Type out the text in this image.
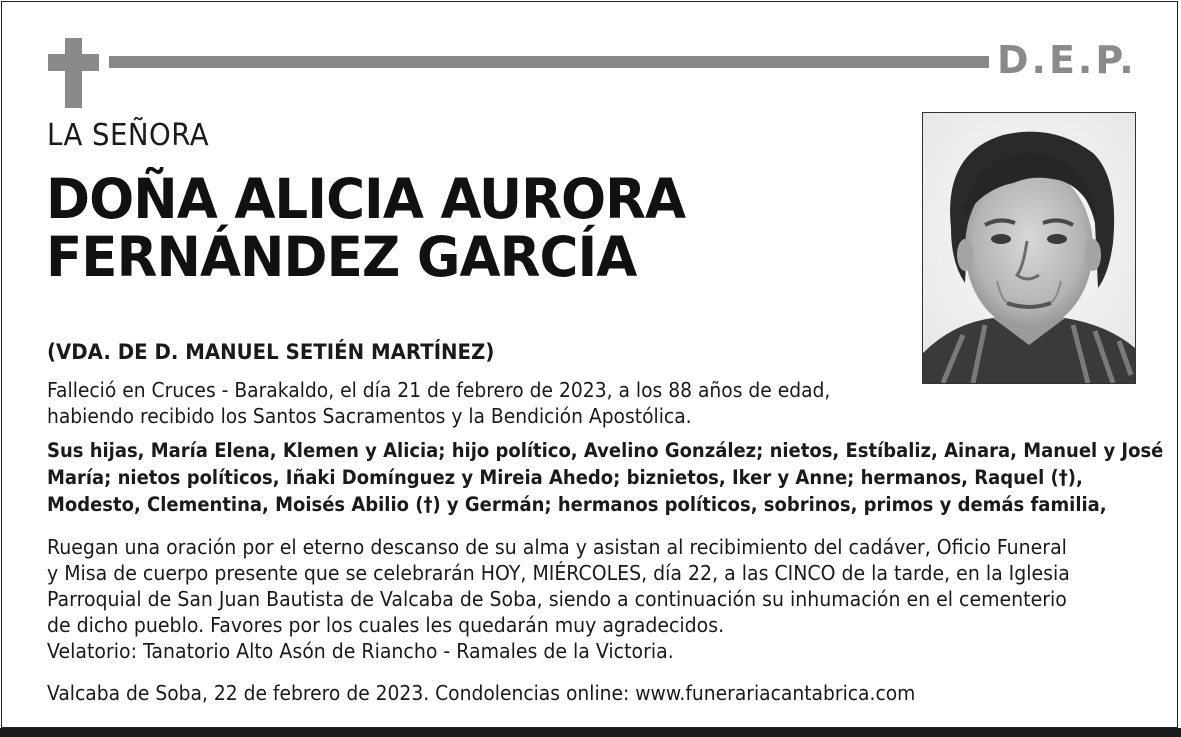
D.E.P.
LA SEÑORA
DOÑA ALICIA AURORA
FERNÁNDEZ GARCÍA
(VDA. DE D. MANUEL SETIÉN MARTÍNEZ)
Falleció en Cruces - Barakaldo, el día 21 de febrero de 2023, a los 88 años de edad,
habiendo recibido los Santos Sacramentos y la Bendición Apostólica.
Sus hijas, María Elena, Klemen y Alicia; hijo político, Avelino González; nietos, Estíbaliz, Ainara, Manuel y José
María; nietos políticos, Iñaki Domínguez y Mireia Ahedo; biznietos, Iker y Anne; hermanos, Raquel (†),
Modesto, Clementina, Moisés Abilio (†) y Germán; hermanos políticos, sobrinos, primos y demás familia,
Ruegan una oración por el eterno descanso de su alma y asistan al recibimiento del cadáver, Oficio Funeral
y Misa de cuerpo presente que se celebrarán HOY, MIÉRCOLES, día 22, a las CINCO de la tarde, en la Iglesia
Parroquial de San Juan Bautista de Valcaba de Soba, siendo a continuación su inhumación en el cementerio
de dicho pueblo. Favores por los cuales les quedarán muy agradecidos.
Velatorio: Tanatorio Alto Asón de Riancho - Ramales de la Victoria.
Valcaba de Soba, 22 de febrero de 2023. Condolencias online: www.funerariacantabrica.com
